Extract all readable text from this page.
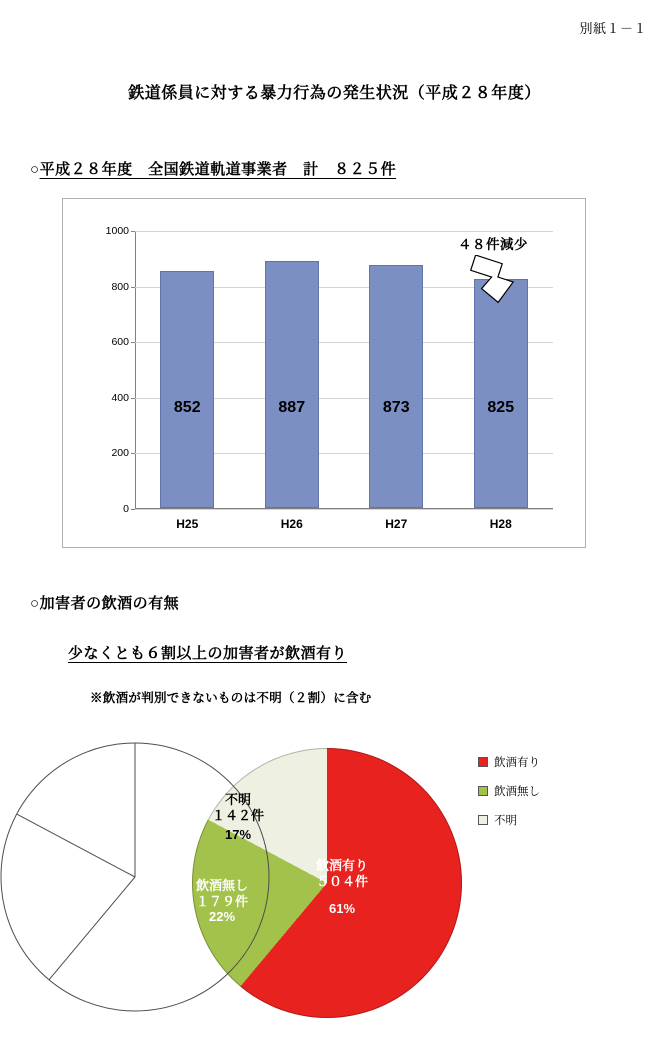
別紙１－１
鉄道係員に対する暴力行為の発生状況（平成２８年度）
○平成２８年度　全国鉄道軌道事業者　計　８２５件
0
200
400
600
800
1000
852
H25
887
H26
873
H27
825
H28
４８件減少
○加害者の飲酒の有無
少なくとも６割以上の加害者が飲酒有り
※飲酒が判別できないものは不明（２割）に含む
飲酒有り
５０４件
61%
飲酒無し
１７９件
22%
不明
１４２件
17%
飲酒有り
飲酒無し
不明
